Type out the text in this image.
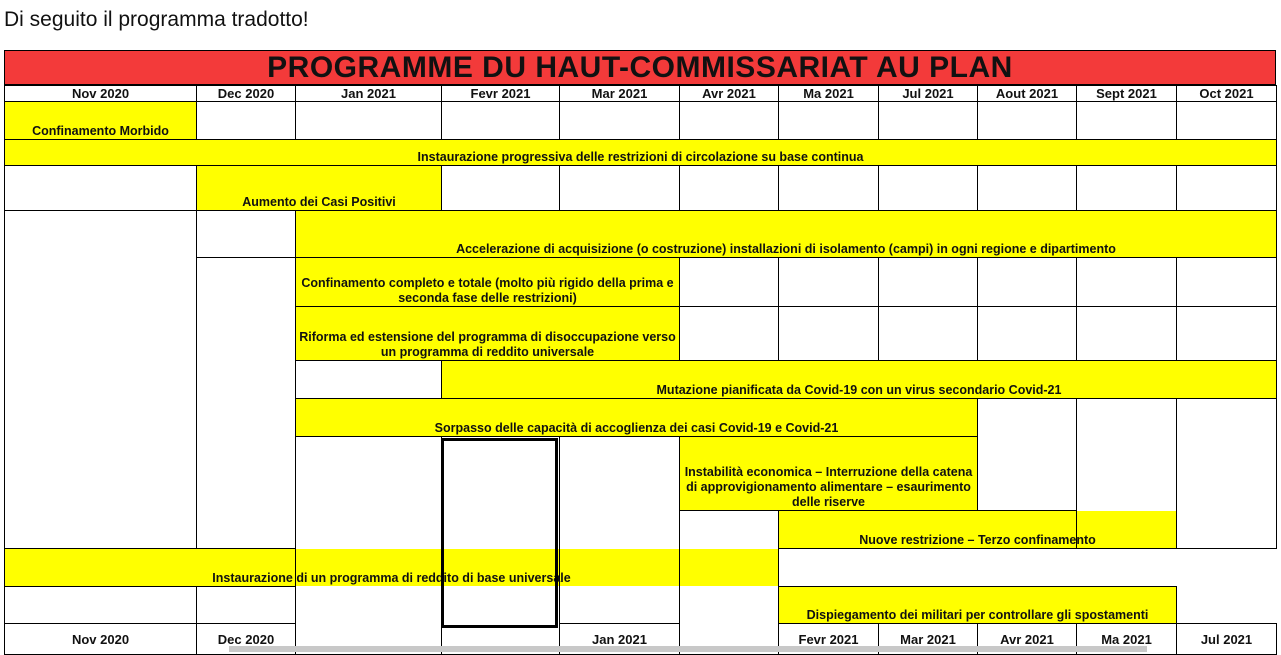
Di seguito il programma tradotto!
PROGRAMME DU HAUT-COMMISSARIAT AU PLAN
Nov 2020	Dec 2020	Jan 2021	Fevr 2021	Mar 2021	Avr 2021	Ma 2021	Jul 2021	Aout 2021	Sept 2021	Oct 2021	
Confinamento Morbido											
Instaurazione progressiva delle restrizioni di circolazione su base continua											
	Aumento dei Casi Positivi										
		Accelerazione di acquisizione (o costruzione) installazioni di isolamento (campi) in ogni regione e dipartimento									
		Confinamento completo e totale (molto più rigido della prima e seconda fase delle restrizioni)									
		Riforma ed estensione del programma di disoccupazione verso un programma di reddito universale									
			Mutazione pianificata da Covid-19 con un virus secondario Covid-21								
		Sorpasso delle capacità di accoglienza dei casi Covid-19 e Covid-21									
					Instabilità economica – Interruzione della catena di approvigionamento alimentare – esaurimento delle riserve						
						Nuove restrizione – Terzo confinamento					
Instaurazione di un programma di reddito di base universale											
						Dispiegamento dei militari per controllare gli spostamenti					
Nov 2020	Dec 2020			Jan 2021		Fevr 2021	Mar 2021	Avr 2021	Ma 2021	Jul 2021			
